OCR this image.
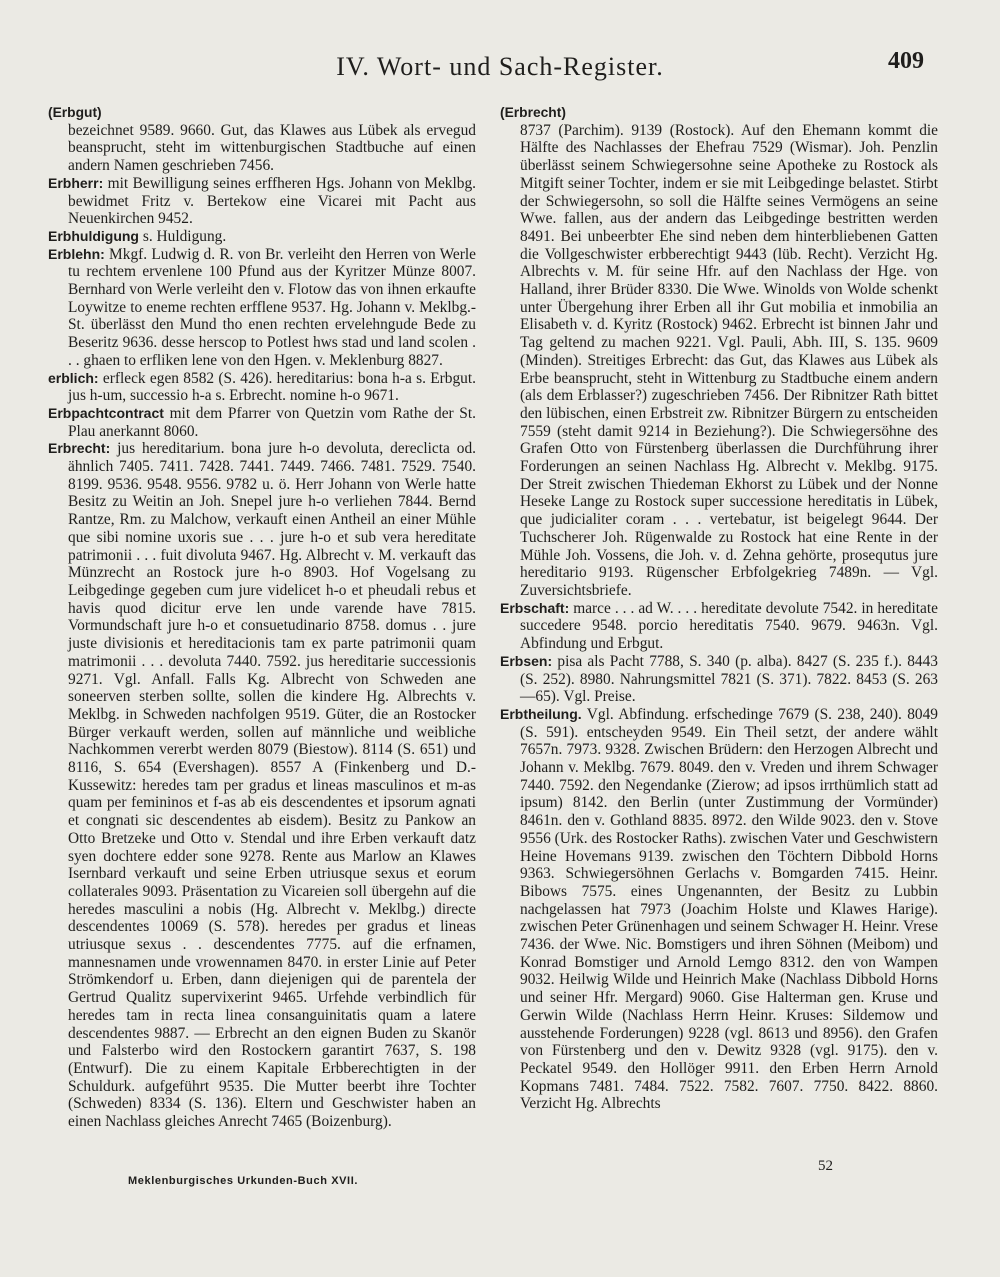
IV. Wort- und Sach-Register.	409
(Erbgut)

bezeichnet 9589. 9660. Gut, das Klawes aus Lübek als ervegud beansprucht, steht im wittenburgischen Stadtbuche auf einen andern Namen geschrieben 7456.

Erbherr: mit Bewilligung seines erffheren Hgs. Johann von Meklbg. bewidmet Fritz v. Bertekow eine Vicarei mit Pacht aus Neuenkirchen 9452.

Erbhuldigung s. Huldigung.

Erblehn: Mkgf. Ludwig d. R. von Br. verleiht den Herren von Werle tu rechtem ervenlene 100 Pfund aus der Kyritzer Münze 8007. Bernhard von Werle verleiht den v. Flotow das von ihnen erkaufte Loywitze to eneme rechten erfflene 9537. Hg. Johann v. Meklbg.-St. überlässt den Mund tho enen rechten ervelehngude Bede zu Beseritz 9636. desse herscop to Potlest hws stad und land scolen . . . ghaen to erfliken lene von den Hgen. v. Meklenburg 8827.

erblich: erfleck egen 8582 (S. 426). hereditarius: bona h-a s. Erbgut. jus h-um, successio h-a s. Erbrecht. nomine h-o 9671.

Erbpachtcontract mit dem Pfarrer von Quetzin vom Rathe der St. Plau anerkannt 8060.

Erbrecht: jus hereditarium. bona jure h-o devoluta, dereclicta od. ähnlich 7405. 7411. 7428. 7441. 7449. 7466. 7481. 7529. 7540. 8199. 9536. 9548. 9556. 9782 u. ö. Herr Johann von Werle hatte Besitz zu Weitin an Joh. Snepel jure h-o verliehen 7844. Bernd Rantze, Rm. zu Malchow, verkauft einen Antheil an einer Mühle que sibi nomine uxoris sue . . . jure h-o et sub vera hereditate patrimonii . . . fuit divoluta 9467. Hg. Albrecht v. M. verkauft das Münzrecht an Rostock jure h-o 8903. Hof Vogelsang zu Leibgedinge gegeben cum jure videlicet h-o et pheudali rebus et havis quod dicitur erve len unde varende have 7815. Vormundschaft jure h-o et consuetudinario 8758. domus . . jure juste divisionis et hereditacionis tam ex parte patrimonii quam matrimonii . . . devoluta 7440. 7592. jus hereditarie successionis 9271. Vgl. Anfall. Falls Kg. Albrecht von Schweden ane soneerven sterben sollte, sollen die kindere Hg. Albrechts v. Meklbg. in Schweden nachfolgen 9519. Güter, die an Rostocker Bürger verkauft werden, sollen auf männliche und weibliche Nachkommen vererbt werden 8079 (Biestow). 8114 (S. 651) und 8116, S. 654 (Evershagen). 8557 A (Finkenberg und D.-Kussewitz: heredes tam per gradus et lineas masculinos et m-as quam per femininos et f-as ab eis descendentes et ipsorum agnati et congnati sic descendentes ab eisdem). Besitz zu Pankow an Otto Bretzeke und Otto v. Stendal und ihre Erben verkauft datz syen dochtere edder sone 9278. Rente aus Marlow an Klawes Isernbard verkauft und seine Erben utriusque sexus et eorum collaterales 9093. Präsentation zu Vicareien soll übergehn auf die heredes masculini a nobis (Hg. Albrecht v. Meklbg.) directe descendentes 10069 (S. 578). heredes per gradus et lineas utriusque sexus . . descendentes 7775. auf die erfnamen, mannesnamen unde vrowennamen 8470. in erster Linie auf Peter Strömkendorf u. Erben, dann diejenigen qui de parentela der Gertrud Qualitz supervixerint 9465. Urfehde verbindlich für heredes tam in recta linea consanguinitatis quam a latere descendentes 9887. — Erbrecht an den eignen Buden zu Skanör und Falsterbo wird den Rostockern garantirt 7637, S. 198 (Entwurf). Die zu einem Kapitale Erbberechtigten in der Schuldurk. aufgeführt 9535. Die Mutter beerbt ihre Tochter (Schweden) 8334 (S. 136). Eltern und Geschwister haben an einen Nachlass gleiches Anrecht 7465 (Boizenburg).

(Erbrecht)

8737 (Parchim). 9139 (Rostock). Auf den Ehemann kommt die Hälfte des Nachlasses der Ehefrau 7529 (Wismar). Joh. Penzlin überlässt seinem Schwiegersohne seine Apotheke zu Rostock als Mitgift seiner Tochter, indem er sie mit Leibgedinge belastet. Stirbt der Schwiegersohn, so soll die Hälfte seines Vermögens an seine Wwe. fallen, aus der andern das Leibgedinge bestritten werden 8491. Bei unbeerbter Ehe sind neben dem hinterbliebenen Gatten die Vollgeschwister erbberechtigt 9443 (lüb. Recht). Verzicht Hg. Albrechts v. M. für seine Hfr. auf den Nachlass der Hge. von Halland, ihrer Brüder 8330. Die Wwe. Winolds von Wolde schenkt unter Übergehung ihrer Erben all ihr Gut mobilia et inmobilia an Elisabeth v. d. Kyritz (Rostock) 9462. Erbrecht ist binnen Jahr und Tag geltend zu machen 9221. Vgl. Pauli, Abh. III, S. 135. 9609 (Minden). Streitiges Erbrecht: das Gut, das Klawes aus Lübek als Erbe beansprucht, steht in Wittenburg zu Stadtbuche einem andern (als dem Erblasser?) zugeschrieben 7456. Der Ribnitzer Rath bittet den lübischen, einen Erbstreit zw. Ribnitzer Bürgern zu entscheiden 7559 (steht damit 9214 in Beziehung?). Die Schwiegersöhne des Grafen Otto von Fürstenberg überlassen die Durchführung ihrer Forderungen an seinen Nachlass Hg. Albrecht v. Meklbg. 9175. Der Streit zwischen Thiedeman Ekhorst zu Lübek und der Nonne Heseke Lange zu Rostock super successione hereditatis in Lübek, que judicialiter coram . . . vertebatur, ist beigelegt 9644. Der Tuchscherer Joh. Rügenwalde zu Rostock hat eine Rente in der Mühle Joh. Vossens, die Joh. v. d. Zehna gehörte, prosequtus jure hereditario 9193. Rügenscher Erbfolgekrieg 7489n. — Vgl. Zuversichtsbriefe.

Erbschaft: marce . . . ad W. . . . hereditate devolute 7542. in hereditate succedere 9548. porcio hereditatis 7540. 9679. 9463n. Vgl. Abfindung und Erbgut.

Erbsen: pisa als Pacht 7788, S. 340 (p. alba). 8427 (S. 235 f.). 8443 (S. 252). 8980. Nahrungsmittel 7821 (S. 371). 7822. 8453 (S. 263—65). Vgl. Preise.

Erbtheilung. Vgl. Abfindung. erfschedinge 7679 (S. 238, 240). 8049 (S. 591). entscheyden 9549. Ein Theil setzt, der andere wählt 7657n. 7973. 9328. Zwischen Brüdern: den Herzogen Albrecht und Johann v. Meklbg. 7679. 8049. den v. Vreden und ihrem Schwager 7440. 7592. den Negendanke (Zierow; ad ipsos irrthümlich statt ad ipsum) 8142. den Berlin (unter Zustimmung der Vormünder) 8461n. den v. Gothland 8835. 8972. den Wilde 9023. den v. Stove 9556 (Urk. des Rostocker Raths). zwischen Vater und Geschwistern Heine Hovemans 9139. zwischen den Töchtern Dibbold Horns 9363. Schwiegersöhnen Gerlachs v. Bomgarden 7415. Heinr. Bibows 7575. eines Ungenannten, der Besitz zu Lubbin nachgelassen hat 7973 (Joachim Holste und Klawes Harige). zwischen Peter Grünenhagen und seinem Schwager H. Heinr. Vrese 7436. der Wwe. Nic. Bomstigers und ihren Söhnen (Meibom) und Konrad Bomstiger und Arnold Lemgo 8312. den von Wampen 9032. Heilwig Wilde und Heinrich Make (Nachlass Dibbold Horns und seiner Hfr. Mergard) 9060. Gise Halterman gen. Kruse und Gerwin Wilde (Nachlass Herrn Heinr. Kruses: Sildemow und ausstehende Forderungen) 9228 (vgl. 8613 und 8956). den Grafen von Fürstenberg und den v. Dewitz 9328 (vgl. 9175). den v. Peckatel 9549. den Hollöger 9911. den Erben Herrn Arnold Kopmans 7481. 7484. 7522. 7582. 7607. 7750. 8422. 8860. Verzicht Hg. Albrechts

Meklenburgisches Urkunden-Buch XVII.
52
